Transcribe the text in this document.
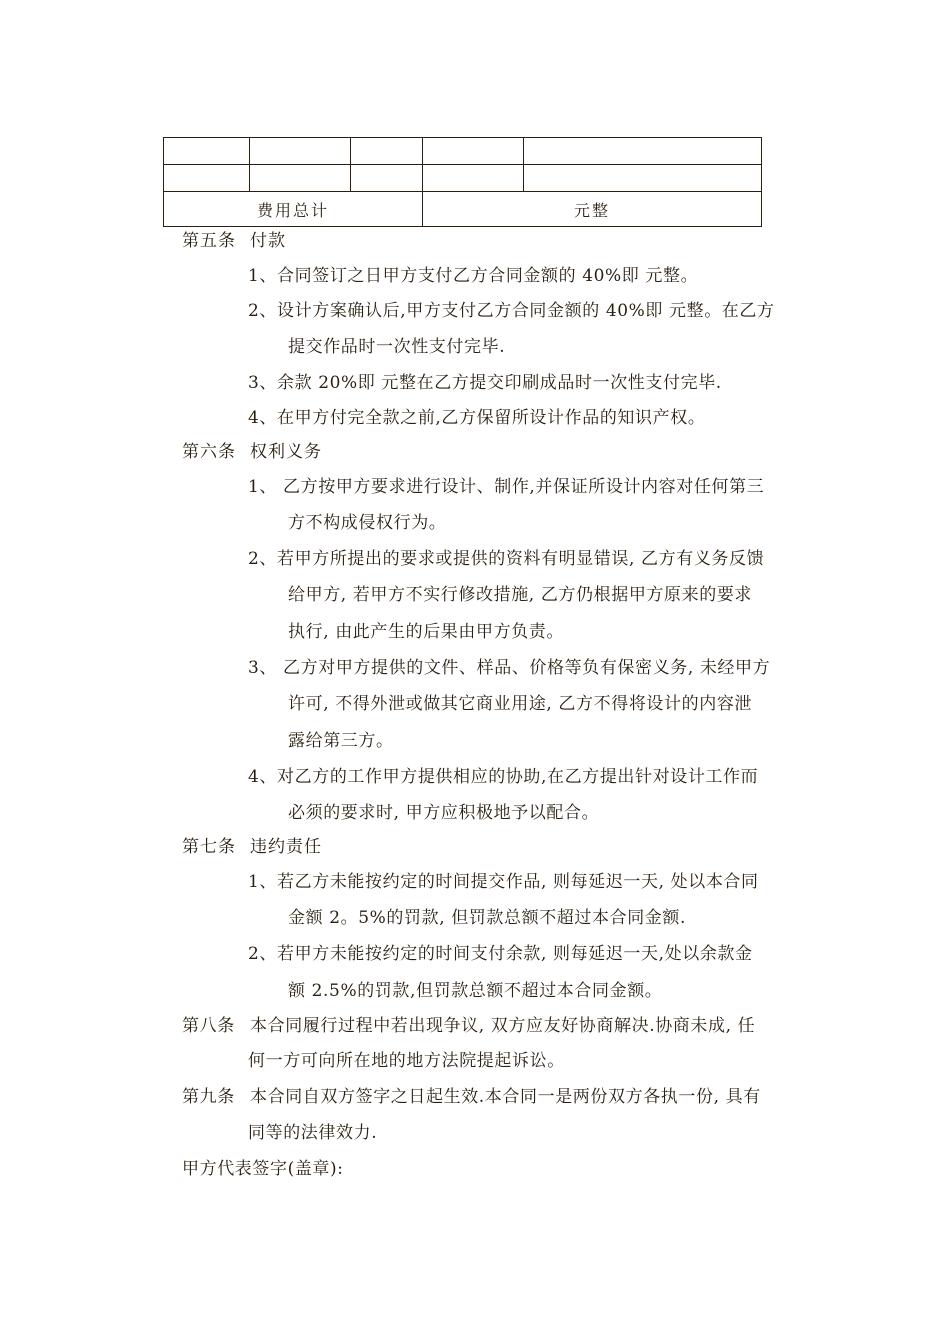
费用总计			元整	
第五条 付款
1、合同签订之日甲方支付乙方合同金额的 40%即 元整。
2、设计方案确认后,甲方支付乙方合同金额的 40%即 元整。在乙方
提交作品时一次性支付完毕.
3、余款 20%即 元整在乙方提交印刷成品时一次性支付完毕.
4、在甲方付完全款之前,乙方保留所设计作品的知识产权。
第六条 权利义务
1、 乙方按甲方要求进行设计、制作,并保证所设计内容对任何第三
方不构成侵权行为。
2、若甲方所提出的要求或提供的资料有明显错误, 乙方有义务反馈
给甲方, 若甲方不实行修改措施, 乙方仍根据甲方原来的要求
执行, 由此产生的后果由甲方负责。
3、 乙方对甲方提供的文件、样品、价格等负有保密义务, 未经甲方
许可, 不得外泄或做其它商业用途, 乙方不得将设计的内容泄
露给第三方。
4、对乙方的工作甲方提供相应的协助,在乙方提出针对设计工作而
必须的要求时, 甲方应积极地予以配合。
第七条 违约责任
1、若乙方未能按约定的时间提交作品, 则每延迟一天, 处以本合同
金额 2。5%的罚款, 但罚款总额不超过本合同金额.
2、若甲方未能按约定的时间支付余款, 则每延迟一天,处以余款金
额 2.5%的罚款,但罚款总额不超过本合同金额。
第八条 本合同履行过程中若出现争议, 双方应友好协商解决.协商未成, 任
何一方可向所在地的地方法院提起诉讼。
第九条 本合同自双方签字之日起生效.本合同一是两份双方各执一份, 具有
同等的法律效力.
甲方代表签字(盖章):
